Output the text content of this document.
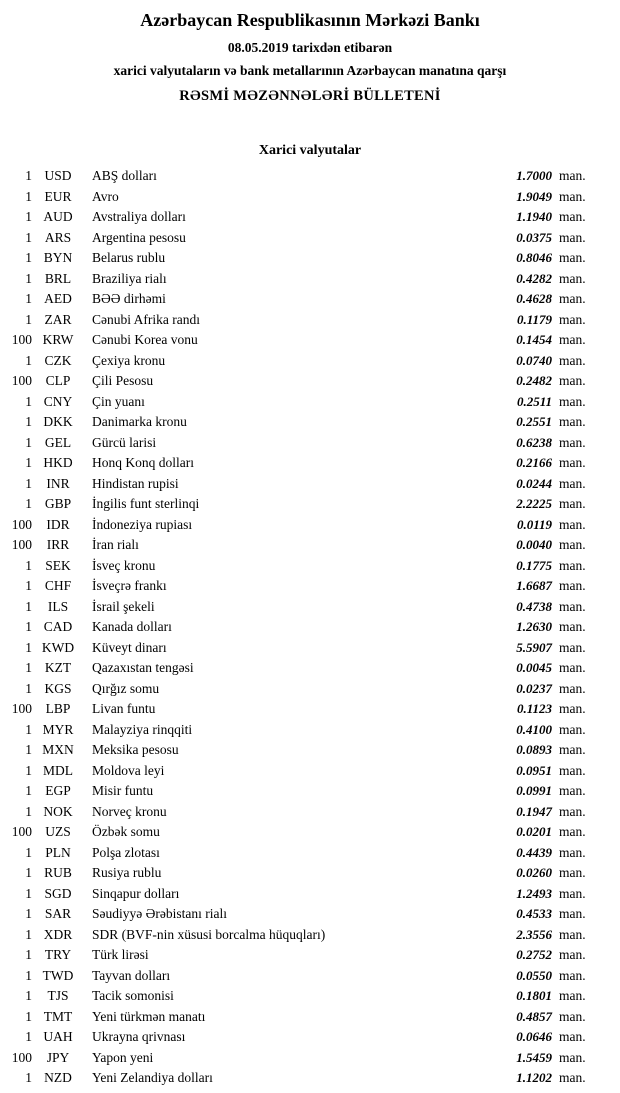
Azərbaycan Respublikasının Mərkəzi Bankı
08.05.2019 tarixdən etibarən
xarici valyutaların və bank metallarının Azərbaycan manatına qarşı
RƏSMİ MƏZƏNNƏLƏRİ BÜLLETENİ
Xarici valyutalar
1 USD	ABŞ dolları	1.7000 man.
1 EUR	Avro	1.9049 man.
1 AUD	Avstraliya dolları	1.1940 man.
1 ARS	Argentina pesosu	0.0375 man.
1 BYN	Belarus rublu	0.8046 man.
1 BRL	Braziliya rialı	0.4282 man.
1 AED	BƏƏ dirhəmi	0.4628 man.
1 ZAR	Cənubi Afrika randı	0.1179 man.
100 KRW	Cənubi Korea vonu	0.1454 man.
1 CZK	Çexiya kronu	0.0740 man.
100	CLP	Çili Pesosu	0.2482 man.
1 CNY	Çin yuanı	0.2511 man.
1 DKK	Danimarka kronu	0.2551 man.
1 GEL	Gürcü larisi	0.6238 man.
1 HKD	Honq Konq dolları	0.2166 man.
1	INR	Hindistan rupisi	0.0244 man.
1 GBP	İngilis funt sterlinqi	2.2225 man.
100	IDR	İndoneziya rupiası	0.0119 man.
100	IRR	İran rialı	0.0040 man.
1 SEK	İsveç kronu	0.1775 man.
1 CHF	İsveçrə frankı	1.6687 man.
1	ILS	İsrail şekeli	0.4738 man.
1 CAD	Kanada dolları	1.2630 man.
1 KWD	Küveyt dinarı	5.5907 man.
1 KZT	Qazaxıstan tengəsi	0.0045 man.
1 KGS	Qırğız somu	0.0237 man.
100	LBP	Livan funtu	0.1123 man.
1 MYR	Malayziya rinqqiti	0.4100 man.
1 MXN	Meksika pesosu	0.0893 man.
1 MDL	Moldova leyi	0.0951 man.
1 EGP	Misir funtu	0.0991 man.
1 NOK	Norveç kronu	0.1947 man.
100 UZS	Özbək somu	0.0201 man.
1 PLN	Polşa zlotası	0.4439 man.
1 RUB	Rusiya rublu	0.0260 man.
1 SGD	Sinqapur dolları	1.2493 man.
1 SAR	Səudiyyə Ərəbistanı rialı	0.4533 man.
1 XDR	SDR (BVF-nin xüsusi borcalma hüquqları)	2.3556 man.
1 TRY	Türk lirəsi	0.2752 man.
1 TWD	Tayvan dolları	0.0550 man.
1	TJS	Tacik somonisi	0.1801 man.
1 TMT	Yeni türkmən manatı	0.4857 man.
1 UAH	Ukrayna qrivnası	0.0646 man.
100	JPY	Yapon yeni	1.5459 man.
1 NZD	Yeni Zelandiya dolları	1.1202 man.
